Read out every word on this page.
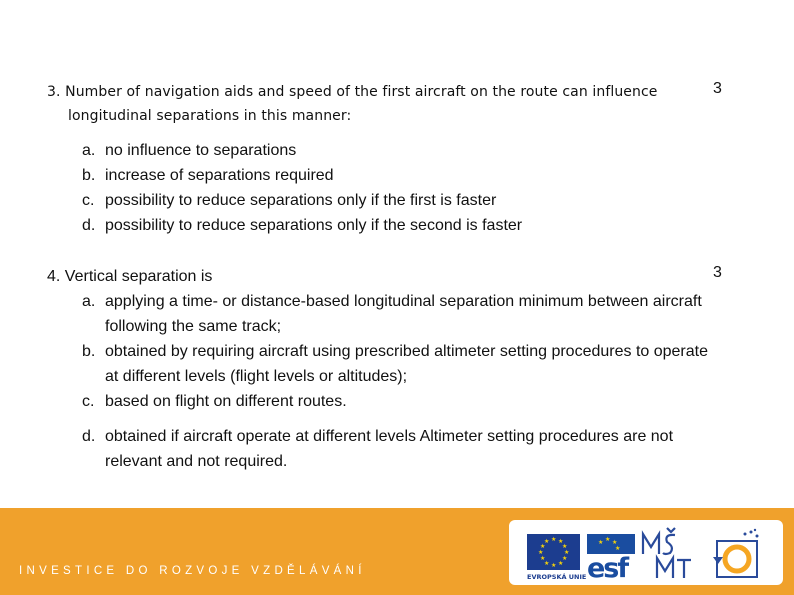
3. Number of navigation aids and speed of the first aircraft on the route can influence
longitudinal separations in this manner:
3
a. no influence to separations
b. increase of separations required
c. possibility to reduce separations only if the first is faster
d. possibility to reduce separations only if the second is faster
4. Vertical separation is	3
a. applying a time- or distance-based longitudinal separation minimum between aircraft following the same track;
b. obtained by requiring aircraft using prescribed altimeter setting procedures to operate at different levels (flight levels or altitudes);
c. based on flight on different routes.
d. obtained if aircraft operate at different levels Altimeter setting procedures are not relevant and not required.
INVESTICE DO ROZVOJE VZDĚLÁVÁNÍ
★ ★
★
★
★
★
★
★
★
★
★
★
EVROPSKÁ UNIE
★ ★
★
★
esf
